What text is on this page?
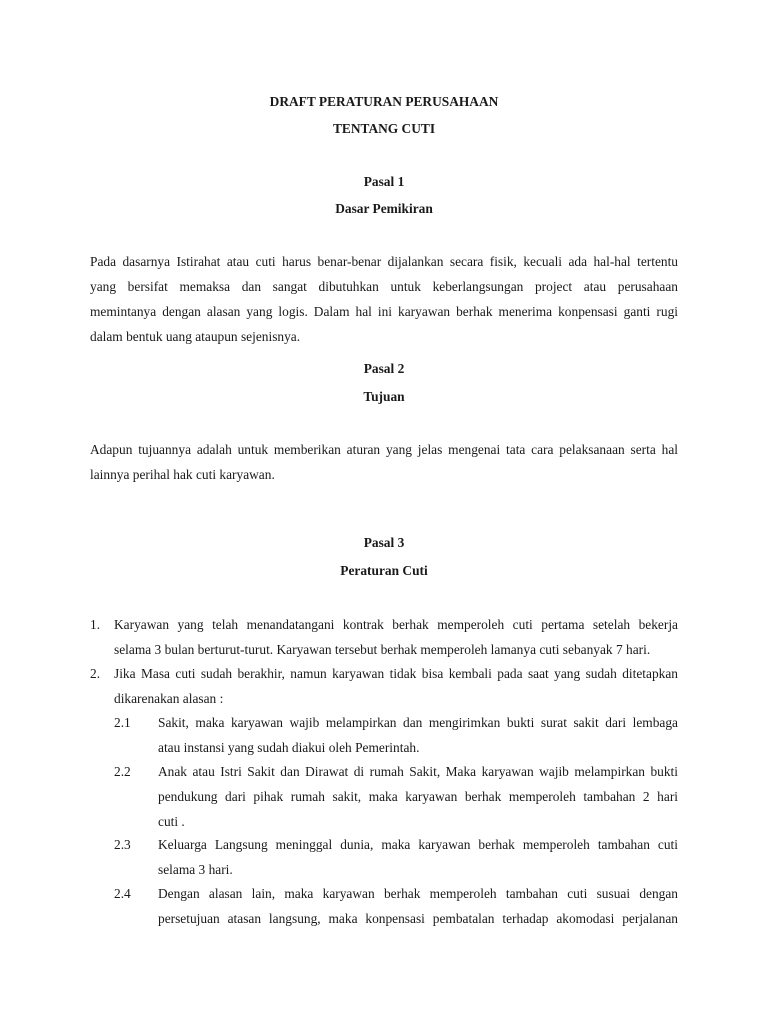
DRAFT PERATURAN PERUSAHAAN
TENTANG CUTI
Pasal 1
Dasar Pemikiran
Pada dasarnya Istirahat atau cuti harus benar-benar dijalankan secara fisik, kecuali ada hal-hal tertentu
yang bersifat memaksa dan sangat dibutuhkan untuk keberlangsungan project atau perusahaan
memintanya dengan alasan yang logis. Dalam hal ini karyawan berhak menerima konpensasi ganti rugi
dalam bentuk uang ataupun sejenisnya.
Pasal 2
Tujuan
Adapun tujuannya adalah untuk memberikan aturan yang jelas mengenai tata cara pelaksanaan serta hal
lainnya perihal hak cuti karyawan.
Pasal 3
Peraturan Cuti
1. Karyawan yang telah menandatangani kontrak berhak memperoleh cuti pertama setelah bekerja
selama 3 bulan berturut-turut. Karyawan tersebut berhak memperoleh lamanya cuti sebanyak 7 hari.
2. Jika Masa cuti sudah berakhir, namun karyawan tidak bisa kembali pada saat yang sudah ditetapkan
dikarenakan alasan :
2.1 Sakit, maka karyawan wajib melampirkan dan mengirimkan bukti surat sakit dari lembaga
atau instansi yang sudah diakui oleh Pemerintah.
2.2 Anak atau Istri Sakit dan Dirawat di rumah Sakit, Maka karyawan wajib melampirkan bukti
pendukung dari pihak rumah sakit, maka karyawan berhak memperoleh tambahan 2 hari
cuti .
2.3 Keluarga Langsung meninggal dunia, maka karyawan berhak memperoleh tambahan cuti
selama 3 hari.
2.4 Dengan alasan lain, maka karyawan berhak memperoleh tambahan cuti susuai dengan
persetujuan atasan langsung, maka konpensasi pembatalan terhadap akomodasi perjalanan
